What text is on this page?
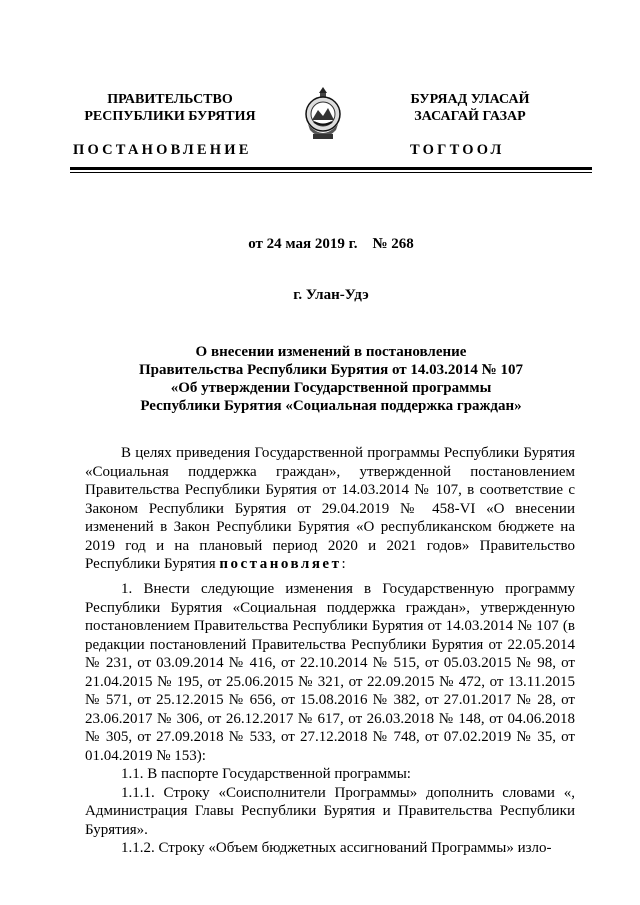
ПРАВИТЕЛЬСТВО
РЕСПУБЛИКИ БУРЯТИЯ
БУРЯАД УЛАСАЙ
ЗАСАГАЙ ГАЗАР
ПОСТАНОВЛЕНИЕ	ТОГТООЛ
от 24 мая 2019 г.    № 268
г. Улан-Удэ
О внесении изменений в постановление
Правительства Республики Бурятия от 14.03.2014 № 107
«Об утверждении Государственной программы
Республики Бурятия «Социальная поддержка граждан»

В целях приведения Государственной программы Республики Бурятия «Социальная поддержка граждан», утвержденной постановлением Правительства Республики Бурятия от 14.03.2014 № 107, в соответствие с Законом Республики Бурятия от 29.04.2019 № 458-VI «О внесении изменений в Закон Республики Бурятия «О республиканском бюджете на 2019 год и на плановый период 2020 и 2021 годов» Правительство Республики Бурятия постановляет:

1. Внести следующие изменения в Государственную программу Республики Бурятия «Социальная поддержка граждан», утвержденную постановлением Правительства Республики Бурятия от 14.03.2014 № 107 (в редакции постановлений Правительства Республики Бурятия от 22.05.2014 № 231, от 03.09.2014 № 416, от 22.10.2014 № 515, от 05.03.2015 № 98, от 21.04.2015 № 195, от 25.06.2015 № 321, от 22.09.2015 № 472, от 13.11.2015 № 571, от 25.12.2015 № 656, от 15.08.2016 № 382, от 27.01.2017 № 28, от 23.06.2017 № 306, от 26.12.2017 № 617, от 26.03.2018 № 148, от 04.06.2018 № 305, от 27.09.2018 № 533, от 27.12.2018 № 748, от 07.02.2019 № 35, от 01.04.2019 № 153):

1.1. В паспорте Государственной программы:

1.1.1. Строку «Соисполнители Программы» дополнить словами «, Администрация Главы Республики Бурятия и Правительства Республики Бурятия».

1.1.2. Строку «Объем бюджетных ассигнований Программы» изло-
